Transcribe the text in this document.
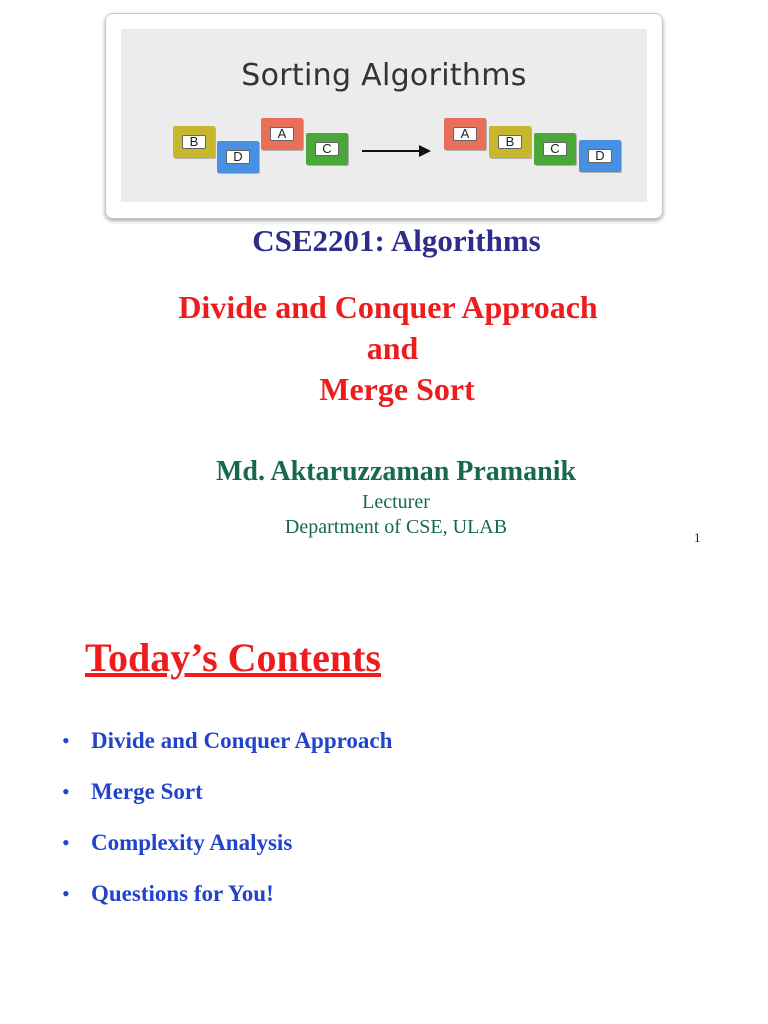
Sorting Algorithms
B
D
A
C
A
B	C	D
CSE2201: Algorithms
Divide and Conquer Approach
and
Merge Sort
Md. Aktaruzzaman Pramanik
Lecturer
Department of CSE, ULAB	1
Today’s Contents
• Divide and Conquer Approach
• Merge Sort
• Complexity Analysis
• Questions for You!
